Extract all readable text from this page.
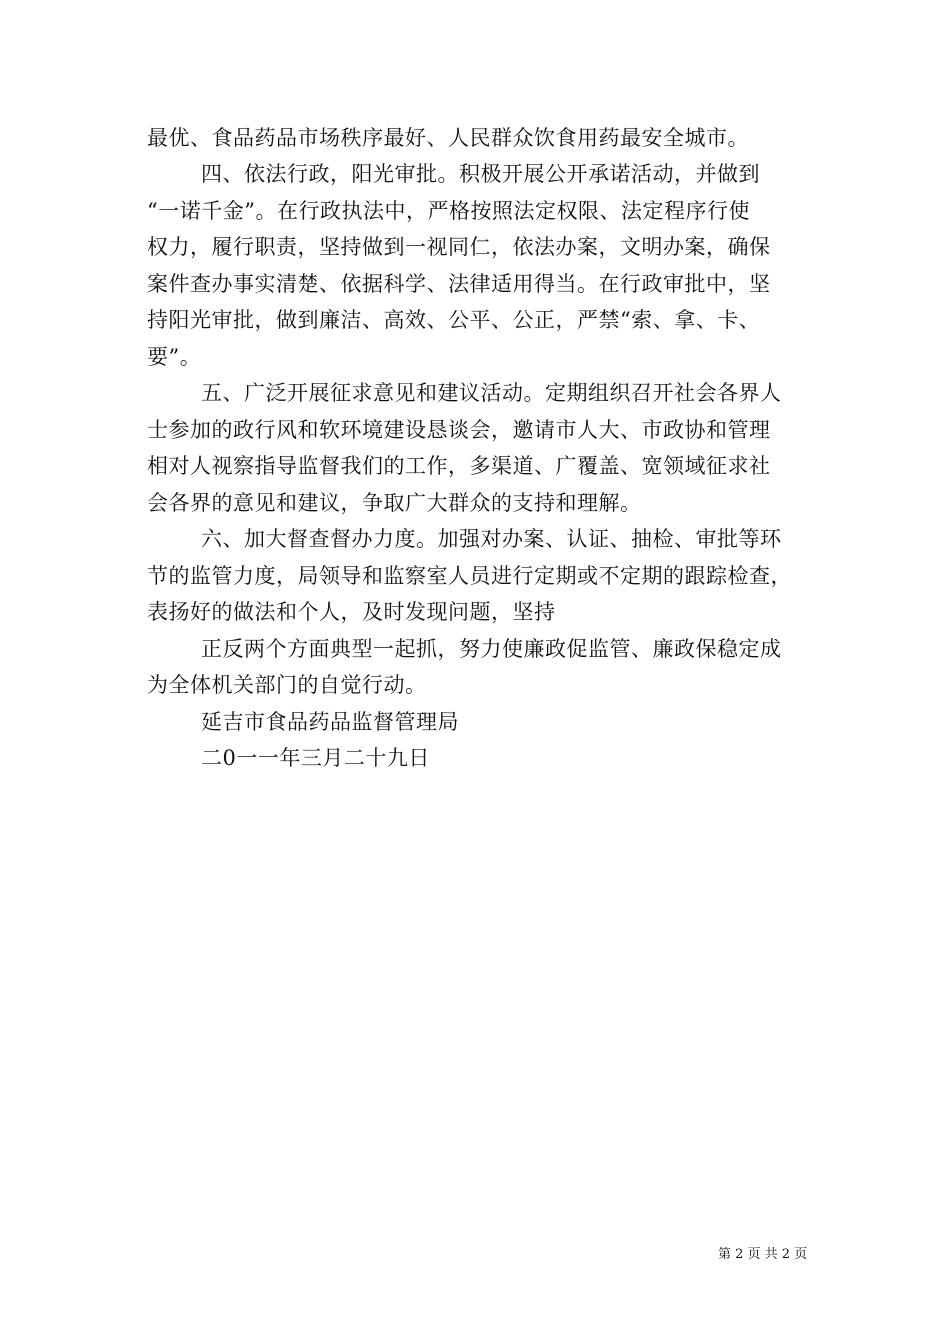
最优、食品药品市场秩序最好、人民群众饮食用药最安全城市。
四、依法行政，阳光审批。积极开展公开承诺活动，并做到
“一诺千金”。在行政执法中，严格按照法定权限、法定程序行使
权力，履行职责，坚持做到一视同仁，依法办案，文明办案，确保
案件查办事实清楚、依据科学、法律适用得当。在行政审批中，坚
持阳光审批，做到廉洁、高效、公平、公正，严禁“索、拿、卡、
要”。
五、广泛开展征求意见和建议活动。定期组织召开社会各界人
士参加的政行风和软环境建设恳谈会，邀请市人大、市政协和管理
相对人视察指导监督我们的工作，多渠道、广覆盖、宽领域征求社
会各界的意见和建议，争取广大群众的支持和理解。
六、加大督查督办力度。加强对办案、认证、抽检、审批等环
节的监管力度，局领导和监察室人员进行定期或不定期的跟踪检查，
表扬好的做法和个人，及时发现问题，坚持
正反两个方面典型一起抓，努力使廉政促监管、廉政保稳定成
为全体机关部门的自觉行动。
延吉市食品药品监督管理局
二0一一年三月二十九日
第 2 页 共 2 页
